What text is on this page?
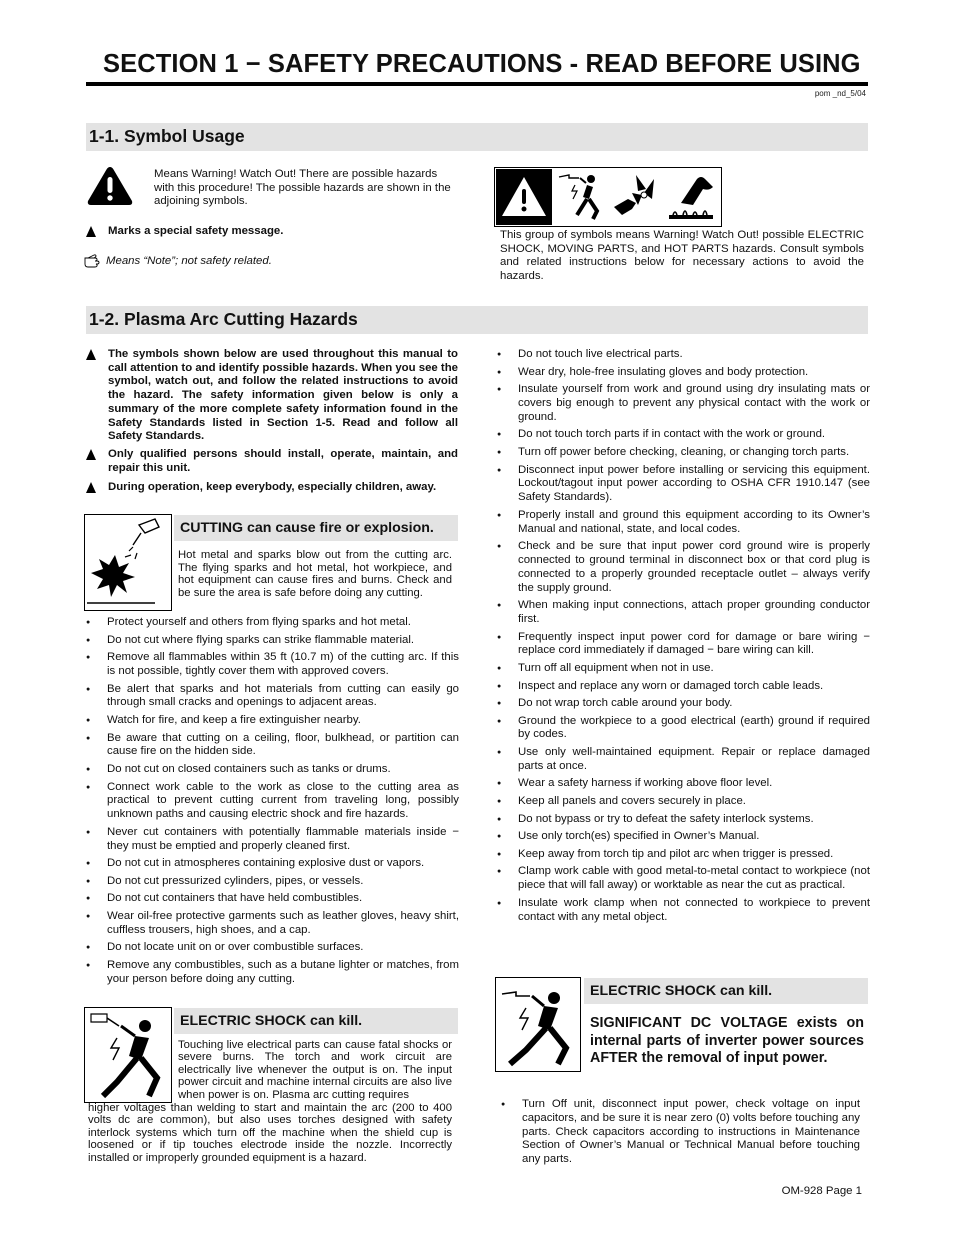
SECTION 1 − SAFETY PRECAUTIONS - READ BEFORE USING
pom _nd_5/04
1-1. Symbol Usage
Means Warning! Watch Out! There are possible hazards with this procedure! The possible hazards are shown in the adjoining symbols.
Marks a special safety message.
Means “Note”; not safety related.
This group of symbols means Warning! Watch Out! possible ELECTRIC SHOCK, MOVING PARTS, and HOT PARTS hazards. Consult symbols and related instructions below for necessary actions to avoid the hazards.
1-2. Plasma Arc Cutting Hazards
The symbols shown below are used throughout this manual to call attention to and identify possible hazards. When you see the symbol, watch out, and follow the related instructions to avoid the hazard. The safety information given below is only a summary of the more complete safety information found in the Safety Standards listed in Section 1-5. Read and follow all Safety Standards.
Only qualified persons should install, operate, maintain, and repair this unit.
During operation, keep everybody, especially children, away.
CUTTING can cause fire or explosion.
Hot metal and sparks blow out from the cutting arc. The flying sparks and hot metal, hot workpiece, and hot equipment can cause fires and burns. Check and be sure the area is safe before doing any cutting.
● Protect yourself and others from flying sparks and hot metal.
● Do not cut where flying sparks can strike flammable material.
● Remove all flammables within 35 ft (10.7 m) of the cutting arc. If this is not possible, tightly cover them with approved covers.
● Be alert that sparks and hot materials from cutting can easily go through small cracks and openings to adjacent areas.
● Watch for fire, and keep a fire extinguisher nearby.
● Be aware that cutting on a ceiling, floor, bulkhead, or partition can cause fire on the hidden side.
● Do not cut on closed containers such as tanks or drums.
● Connect work cable to the work as close to the cutting area as practical to prevent cutting current from traveling long, possibly unknown paths and causing electric shock and fire hazards.
● Never cut containers with potentially flammable materials inside − they must be emptied and properly cleaned first.
● Do not cut in atmospheres containing explosive dust or vapors.
● Do not cut pressurized cylinders, pipes, or vessels.
● Do not cut containers that have held combustibles.
● Wear oil-free protective garments such as leather gloves, heavy shirt, cuffless trousers, high shoes, and a cap.
● Do not locate unit on or over combustible surfaces.
● Remove any combustibles, such as a butane lighter or matches, from your person before doing any cutting.
ELECTRIC SHOCK can kill.
Touching live electrical parts can cause fatal shocks or severe burns. The torch and work circuit are electrically live whenever the output is on. The input power circuit and machine internal circuits are also live when power is on. Plasma arc cutting requires
higher voltages than welding to start and maintain the arc (200 to 400 volts dc are common), but also uses torches designed with safety interlock systems which turn off the machine when the shield cup is loosened or if tip touches electrode inside the nozzle. Incorrectly installed or improperly grounded equipment is a hazard.
● Do not touch live electrical parts.
● Wear dry, hole-free insulating gloves and body protection.
● Insulate yourself from work and ground using dry insulating mats or covers big enough to prevent any physical contact with the work or ground.
● Do not touch torch parts if in contact with the work or ground.
● Turn off power before checking, cleaning, or changing torch parts.
● Disconnect input power before installing or servicing this equipment. Lockout/tagout input power according to OSHA CFR 1910.147 (see Safety Standards).
● Properly install and ground this equipment according to its Owner’s Manual and national, state, and local codes.
● Check and be sure that input power cord ground wire is properly connected to ground terminal in disconnect box or that cord plug is connected to a properly grounded receptacle outlet – always verify the supply ground.
● When making input connections, attach proper grounding conductor first.
● Frequently inspect input power cord for damage or bare wiring − replace cord immediately if damaged − bare wiring can kill.
● Turn off all equipment when not in use.
● Inspect and replace any worn or damaged torch cable leads.
● Do not wrap torch cable around your body.
● Ground the workpiece to a good electrical (earth) ground if required by codes.
● Use only well-maintained equipment. Repair or replace damaged parts at once.
● Wear a safety harness if working above floor level.
● Keep all panels and covers securely in place.
● Do not bypass or try to defeat the safety interlock systems.
● Use only torch(es) specified in Owner’s Manual.
● Keep away from torch tip and pilot arc when trigger is pressed.
● Clamp work cable with good metal-to-metal contact to workpiece (not piece that will fall away) or worktable as near the cut as practical.
● Insulate work clamp when not connected to workpiece to prevent contact with any metal object.
ELECTRIC SHOCK can kill.
SIGNIFICANT DC VOLTAGE exists on internal parts of inverter power sources AFTER the removal of input power.
● Turn Off unit, disconnect input power, check voltage on input capacitors, and be sure it is near zero (0) volts before touching any parts. Check capacitors according to instructions in Maintenance Section of Owner’s Manual or Technical Manual before touching any parts.
OM-928 Page 1
